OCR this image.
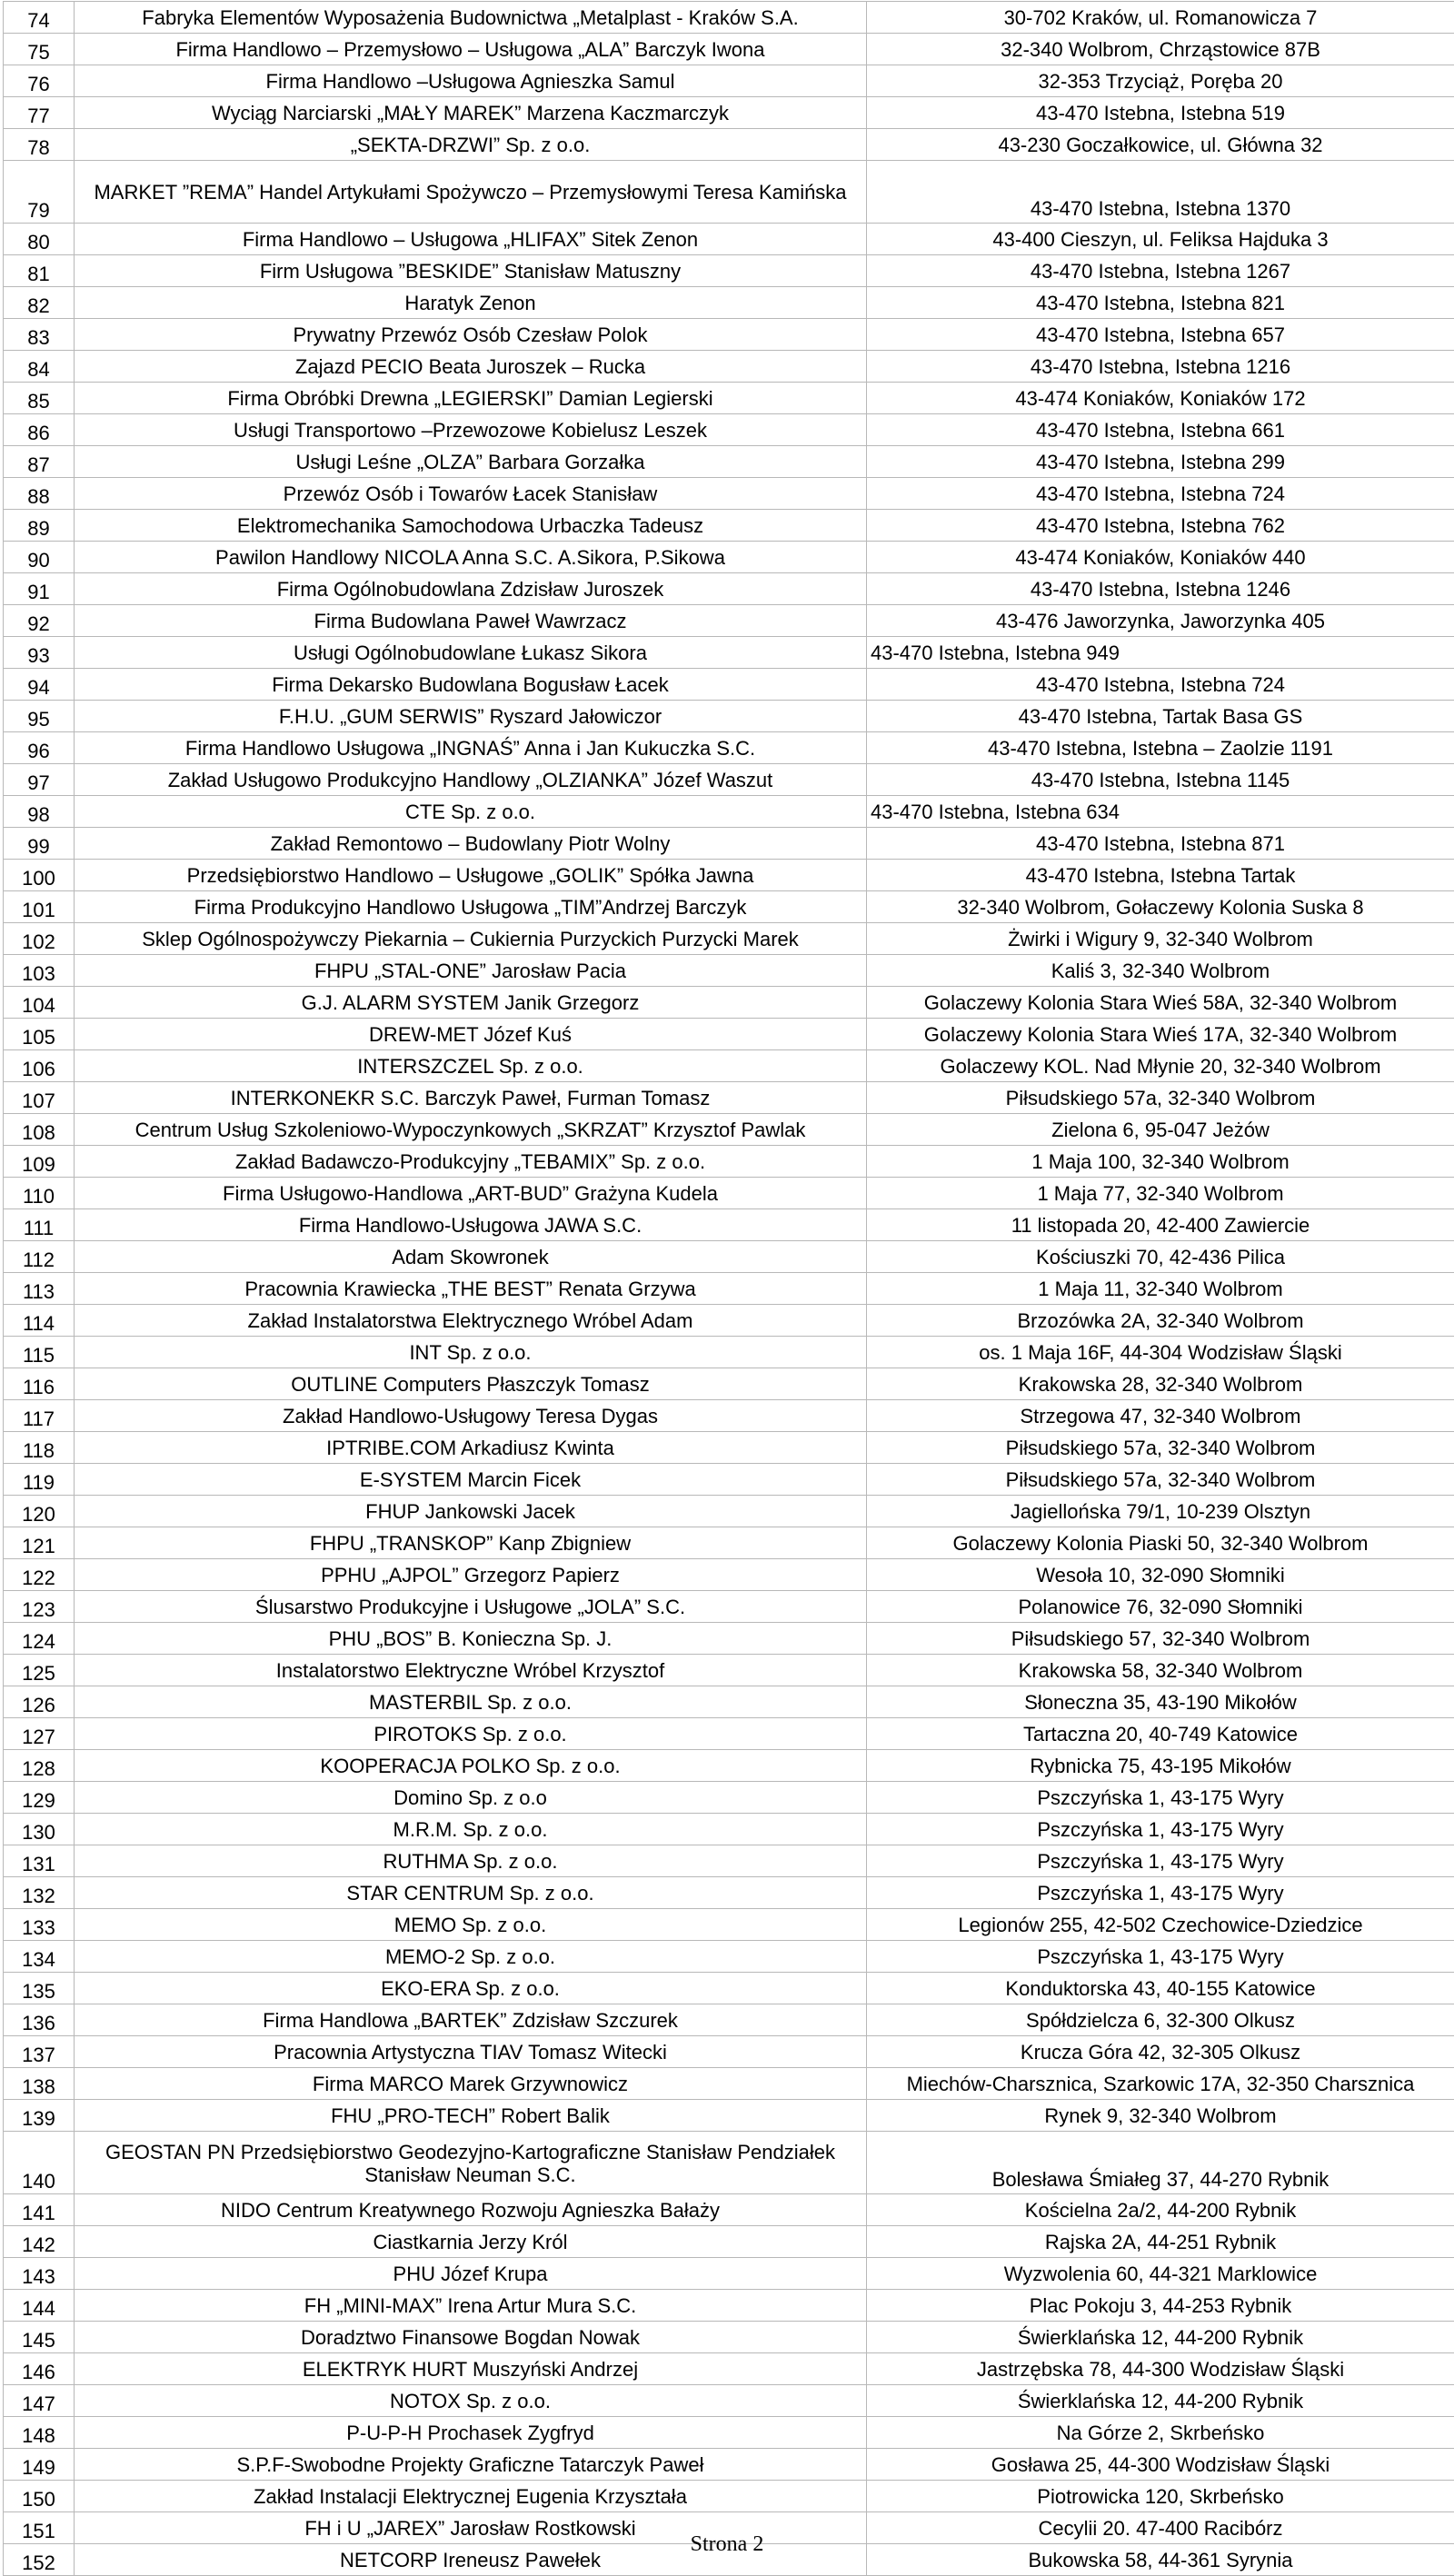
74	Fabryka Elementów Wyposażenia Budownictwa „Metalplast - Kraków S.A.	30-702 Kraków, ul. Romanowicza 7
75	Firma Handlowo – Przemysłowo – Usługowa „ALA” Barczyk Iwona	32-340 Wolbrom, Chrząstowice 87B
76	Firma Handlowo –Usługowa Agnieszka Samul	32-353 Trzyciąż, Poręba 20
77	Wyciąg Narciarski „MAŁY MAREK” Marzena Kaczmarczyk	43-470 Istebna, Istebna 519
78	„SEKTA-DRZWI” Sp. z o.o.	43-230 Goczałkowice, ul. Główna 32
79	MARKET ”REMA” Handel Artykułami Spożywczo – Przemysłowymi Teresa Kamińska	43-470 Istebna, Istebna 1370
80	Firma Handlowo – Usługowa „HLIFAX” Sitek Zenon	43-400 Cieszyn, ul. Feliksa Hajduka 3
81	Firm Usługowa ”BESKIDE” Stanisław Matuszny	43-470 Istebna, Istebna 1267
82	Haratyk Zenon	43-470 Istebna, Istebna 821
83	Prywatny Przewóz Osób Czesław Polok	43-470 Istebna, Istebna 657
84	Zajazd PECIO Beata Juroszek – Rucka	43-470 Istebna, Istebna 1216
85	Firma Obróbki Drewna „LEGIERSKI” Damian Legierski	43-474 Koniaków, Koniaków 172
86	Usługi Transportowo –Przewozowe Kobielusz Leszek	43-470 Istebna, Istebna 661
87	Usługi Leśne „OLZA” Barbara Gorzałka	43-470 Istebna, Istebna 299
88	Przewóz Osób i Towarów Łacek Stanisław	43-470 Istebna, Istebna 724
89	Elektromechanika Samochodowa Urbaczka Tadeusz	43-470 Istebna, Istebna 762
90	Pawilon Handlowy NICOLA Anna S.C. A.Sikora, P.Sikowa	43-474 Koniaków, Koniaków 440
91	Firma Ogólnobudowlana Zdzisław Juroszek	43-470 Istebna, Istebna 1246
92	Firma Budowlana Paweł Wawrzacz	43-476 Jaworzynka, Jaworzynka 405
93	Usługi Ogólnobudowlane Łukasz Sikora	43-470 Istebna, Istebna 949
94	Firma Dekarsko Budowlana Bogusław Łacek	43-470 Istebna, Istebna 724
95	F.H.U. „GUM SERWIS” Ryszard Jałowiczor	43-470 Istebna, Tartak Basa GS
96	Firma Handlowo Usługowa „INGNAŚ” Anna i Jan Kukuczka S.C.	43-470 Istebna, Istebna – Zaolzie 1191
97	Zakład Usługowo Produkcyjno Handlowy „OLZIANKA” Józef Waszut	43-470 Istebna, Istebna 1145
98	CTE Sp. z o.o.	43-470 Istebna, Istebna 634
99	Zakład Remontowo – Budowlany Piotr Wolny	43-470 Istebna, Istebna 871
100	Przedsiębiorstwo Handlowo – Usługowe „GOLIK” Spółka Jawna	43-470 Istebna, Istebna Tartak
101	Firma Produkcyjno Handlowo Usługowa „TIM”Andrzej Barczyk	32-340 Wolbrom, Gołaczewy Kolonia Suska 8
102	Sklep Ogólnospożywczy Piekarnia – Cukiernia Purzyckich Purzycki Marek	Żwirki i Wigury 9, 32-340 Wolbrom
103	FHPU „STAL-ONE” Jarosław Pacia	Kaliś 3, 32-340 Wolbrom
104	G.J. ALARM SYSTEM Janik Grzegorz	Golaczewy Kolonia Stara Wieś 58A, 32-340 Wolbrom
105	DREW-MET Józef Kuś	Golaczewy Kolonia Stara Wieś 17A, 32-340 Wolbrom
106	INTERSZCZEL Sp. z o.o.	Golaczewy KOL. Nad Młynie 20, 32-340 Wolbrom
107	INTERKONEKR S.C. Barczyk Paweł, Furman Tomasz	Piłsudskiego 57a, 32-340 Wolbrom
108	Centrum Usług Szkoleniowo-Wypoczynkowych „SKRZAT” Krzysztof Pawlak	Zielona 6, 95-047 Jeżów
109	Zakład Badawczo-Produkcyjny „TEBAMIX” Sp. z o.o.	1 Maja 100, 32-340 Wolbrom
110	Firma Usługowo-Handlowa „ART-BUD” Grażyna Kudela	1 Maja 77, 32-340 Wolbrom
111	Firma Handlowo-Usługowa JAWA S.C.	11 listopada 20, 42-400 Zawiercie
112	Adam Skowronek	Kościuszki 70, 42-436 Pilica
113	Pracownia Krawiecka „THE BEST” Renata Grzywa	1 Maja 11, 32-340 Wolbrom
114	Zakład Instalatorstwa Elektrycznego Wróbel Adam	Brzozówka 2A, 32-340 Wolbrom
115	INT Sp. z o.o.	os. 1 Maja 16F, 44-304 Wodzisław Śląski
116	OUTLINE Computers Płaszczyk Tomasz	Krakowska 28, 32-340 Wolbrom
117	Zakład Handlowo-Usługowy Teresa Dygas	Strzegowa 47, 32-340 Wolbrom
118	IPTRIBE.COM Arkadiusz Kwinta	Piłsudskiego 57a, 32-340 Wolbrom
119	E-SYSTEM Marcin Ficek	Piłsudskiego 57a, 32-340 Wolbrom
120	FHUP Jankowski Jacek	Jagiellońska 79/1, 10-239 Olsztyn
121	FHPU „TRANSKOP” Kanp Zbigniew	Golaczewy Kolonia Piaski 50, 32-340 Wolbrom
122	PPHU „AJPOL” Grzegorz Papierz	Wesoła 10, 32-090 Słomniki
123	Ślusarstwo Produkcyjne i Usługowe „JOLA” S.C.	Polanowice 76, 32-090 Słomniki
124	PHU „BOS” B. Konieczna Sp. J.	Piłsudskiego 57, 32-340 Wolbrom
125	Instalatorstwo Elektryczne Wróbel Krzysztof	Krakowska 58, 32-340 Wolbrom
126	MASTERBIL Sp. z o.o.	Słoneczna 35, 43-190 Mikołów
127	PIROTOKS Sp. z o.o.	Tartaczna 20, 40-749 Katowice
128	KOOPERACJA POLKO Sp. z o.o.	Rybnicka 75, 43-195 Mikołów
129	Domino Sp. z o.o	Pszczyńska 1, 43-175 Wyry
130	M.R.M. Sp. z o.o.	Pszczyńska 1, 43-175 Wyry
131	RUTHMA Sp. z o.o.	Pszczyńska 1, 43-175 Wyry
132	STAR CENTRUM Sp. z o.o.	Pszczyńska 1, 43-175 Wyry
133	MEMO Sp. z o.o.	Legionów 255, 42-502 Czechowice-Dziedzice
134	MEMO-2 Sp. z o.o.	Pszczyńska 1, 43-175 Wyry
135	EKO-ERA Sp. z o.o.	Konduktorska 43, 40-155 Katowice
136	Firma Handlowa „BARTEK” Zdzisław Szczurek	Spółdzielcza 6, 32-300 Olkusz
137	Pracownia Artystyczna TIAV Tomasz Witecki	Krucza Góra 42, 32-305 Olkusz
138	Firma MARCO Marek Grzywnowicz	Miechów-Charsznica, Szarkowic 17A, 32-350 Charsznica
139	FHU „PRO-TECH” Robert Balik	Rynek 9, 32-340 Wolbrom
140	GEOSTAN PN Przedsiębiorstwo Geodezyjno-Kartograficzne Stanisław Pendziałek Stanisław Neuman S.C.	Bolesława Śmiałeg 37, 44-270 Rybnik
141	NIDO Centrum Kreatywnego Rozwoju Agnieszka Bałaży	Kościelna 2a/2, 44-200 Rybnik
142	Ciastkarnia Jerzy Król	Rajska 2A, 44-251 Rybnik
143	PHU Józef Krupa	Wyzwolenia 60, 44-321 Marklowice
144	FH „MINI-MAX” Irena Artur Mura S.C.	Plac Pokoju 3, 44-253 Rybnik
145	Doradztwo Finansowe Bogdan Nowak	Świerklańska 12, 44-200 Rybnik
146	ELEKTRYK HURT Muszyński Andrzej	Jastrzębska 78, 44-300 Wodzisław Śląski
147	NOTOX Sp. z o.o.	Świerklańska 12, 44-200 Rybnik
148	P-U-P-H Prochasek Zygfryd	Na Górze 2, Skrbeńsko
149	S.P.F-Swobodne Projekty Graficzne Tatarczyk Paweł	Gosława 25, 44-300 Wodzisław Śląski
150	Zakład Instalacji Elektrycznej Eugenia Krzyształa	Piotrowicka 120, Skrbeńsko
151	FH i U „JAREX” Jarosław Rostkowski	Cecylii 20. 47-400 Racibórz
152	NETCORP Ireneusz Pawełek	Bukowska 58, 44-361 Syrynia
Strona 2
